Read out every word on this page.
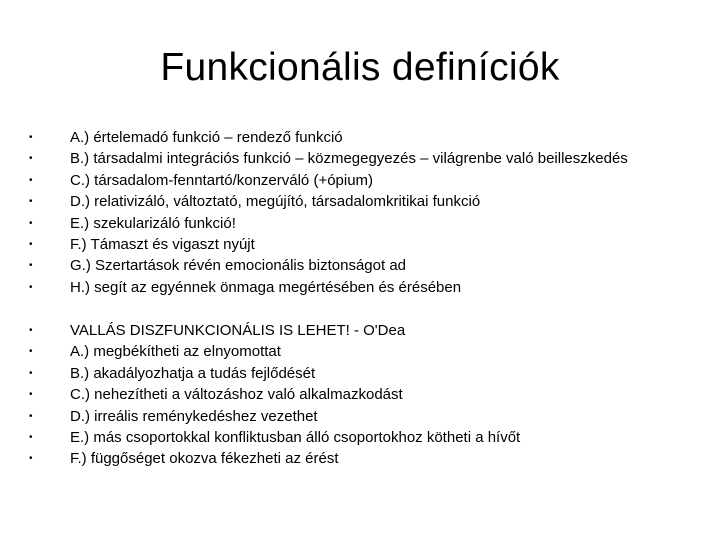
Funkcionális definíciók
• A.) értelemadó funkció – rendező funkció
• B.) társadalmi integrációs funkció – közmegegyezés – világrenbe való beilleszkedés
• C.) társadalom-fenntartó/konzerváló (+ópium)
• D.) relativizáló, változtató, megújító, társadalomkritikai funkció
• E.) szekularizáló funkció!
• F.) Támaszt és vigaszt nyújt
• G.) Szertartások révén emocionális biztonságot ad
• H.) segít az egyénnek önmaga megértésében és érésében
• VALLÁS DISZFUNKCIONÁLIS IS LEHET! - O'Dea
• A.) megbékítheti az elnyomottat
• B.) akadályozhatja a tudás fejlődését
• C.) nehezítheti a változáshoz való alkalmazkodást
• D.) irreális reménykedéshez vezethet
• E.) más csoportokkal konfliktusban álló csoportokhoz kötheti a hívőt
• F.) függőséget okozva fékezheti az érést
